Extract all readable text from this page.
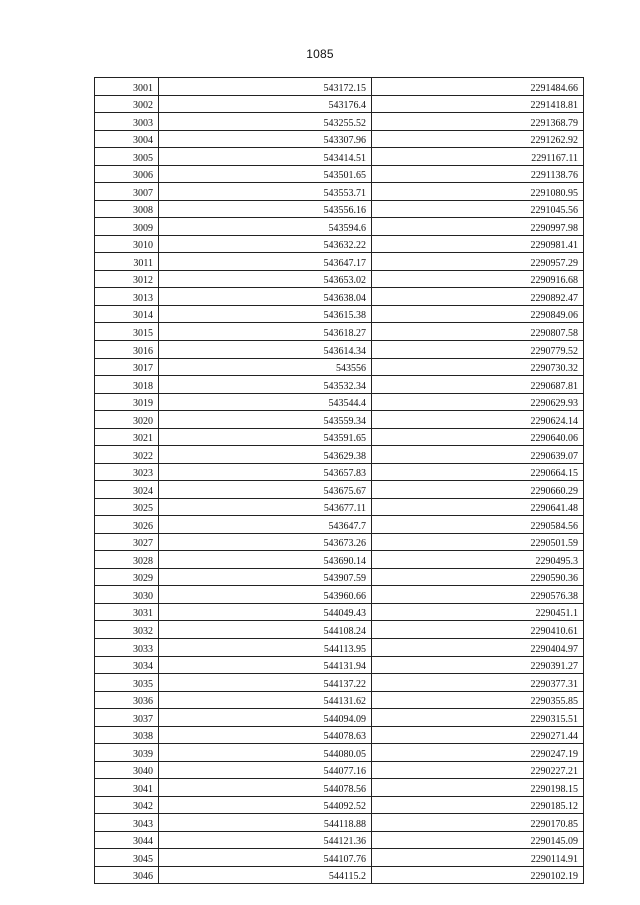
1085
3001	543172.15	2291484.66
3002	543176.4	2291418.81
3003	543255.52	2291368.79
3004	543307.96	2291262.92
3005	543414.51	2291167.11
3006	543501.65	2291138.76
3007	543553.71	2291080.95
3008	543556.16	2291045.56
3009	543594.6	2290997.98
3010	543632.22	2290981.41
3011	543647.17	2290957.29
3012	543653.02	2290916.68
3013	543638.04	2290892.47
3014	543615.38	2290849.06
3015	543618.27	2290807.58
3016	543614.34	2290779.52
3017	543556	2290730.32
3018	543532.34	2290687.81
3019	543544.4	2290629.93
3020	543559.34	2290624.14
3021	543591.65	2290640.06
3022	543629.38	2290639.07
3023	543657.83	2290664.15
3024	543675.67	2290660.29
3025	543677.11	2290641.48
3026	543647.7	2290584.56
3027	543673.26	2290501.59
3028	543690.14	2290495.3
3029	543907.59	2290590.36
3030	543960.66	2290576.38
3031	544049.43	2290451.1
3032	544108.24	2290410.61
3033	544113.95	2290404.97
3034	544131.94	2290391.27
3035	544137.22	2290377.31
3036	544131.62	2290355.85
3037	544094.09	2290315.51
3038	544078.63	2290271.44
3039	544080.05	2290247.19
3040	544077.16	2290227.21
3041	544078.56	2290198.15
3042	544092.52	2290185.12
3043	544118.88	2290170.85
3044	544121.36	2290145.09
3045	544107.76	2290114.91
3046	544115.2	2290102.19
